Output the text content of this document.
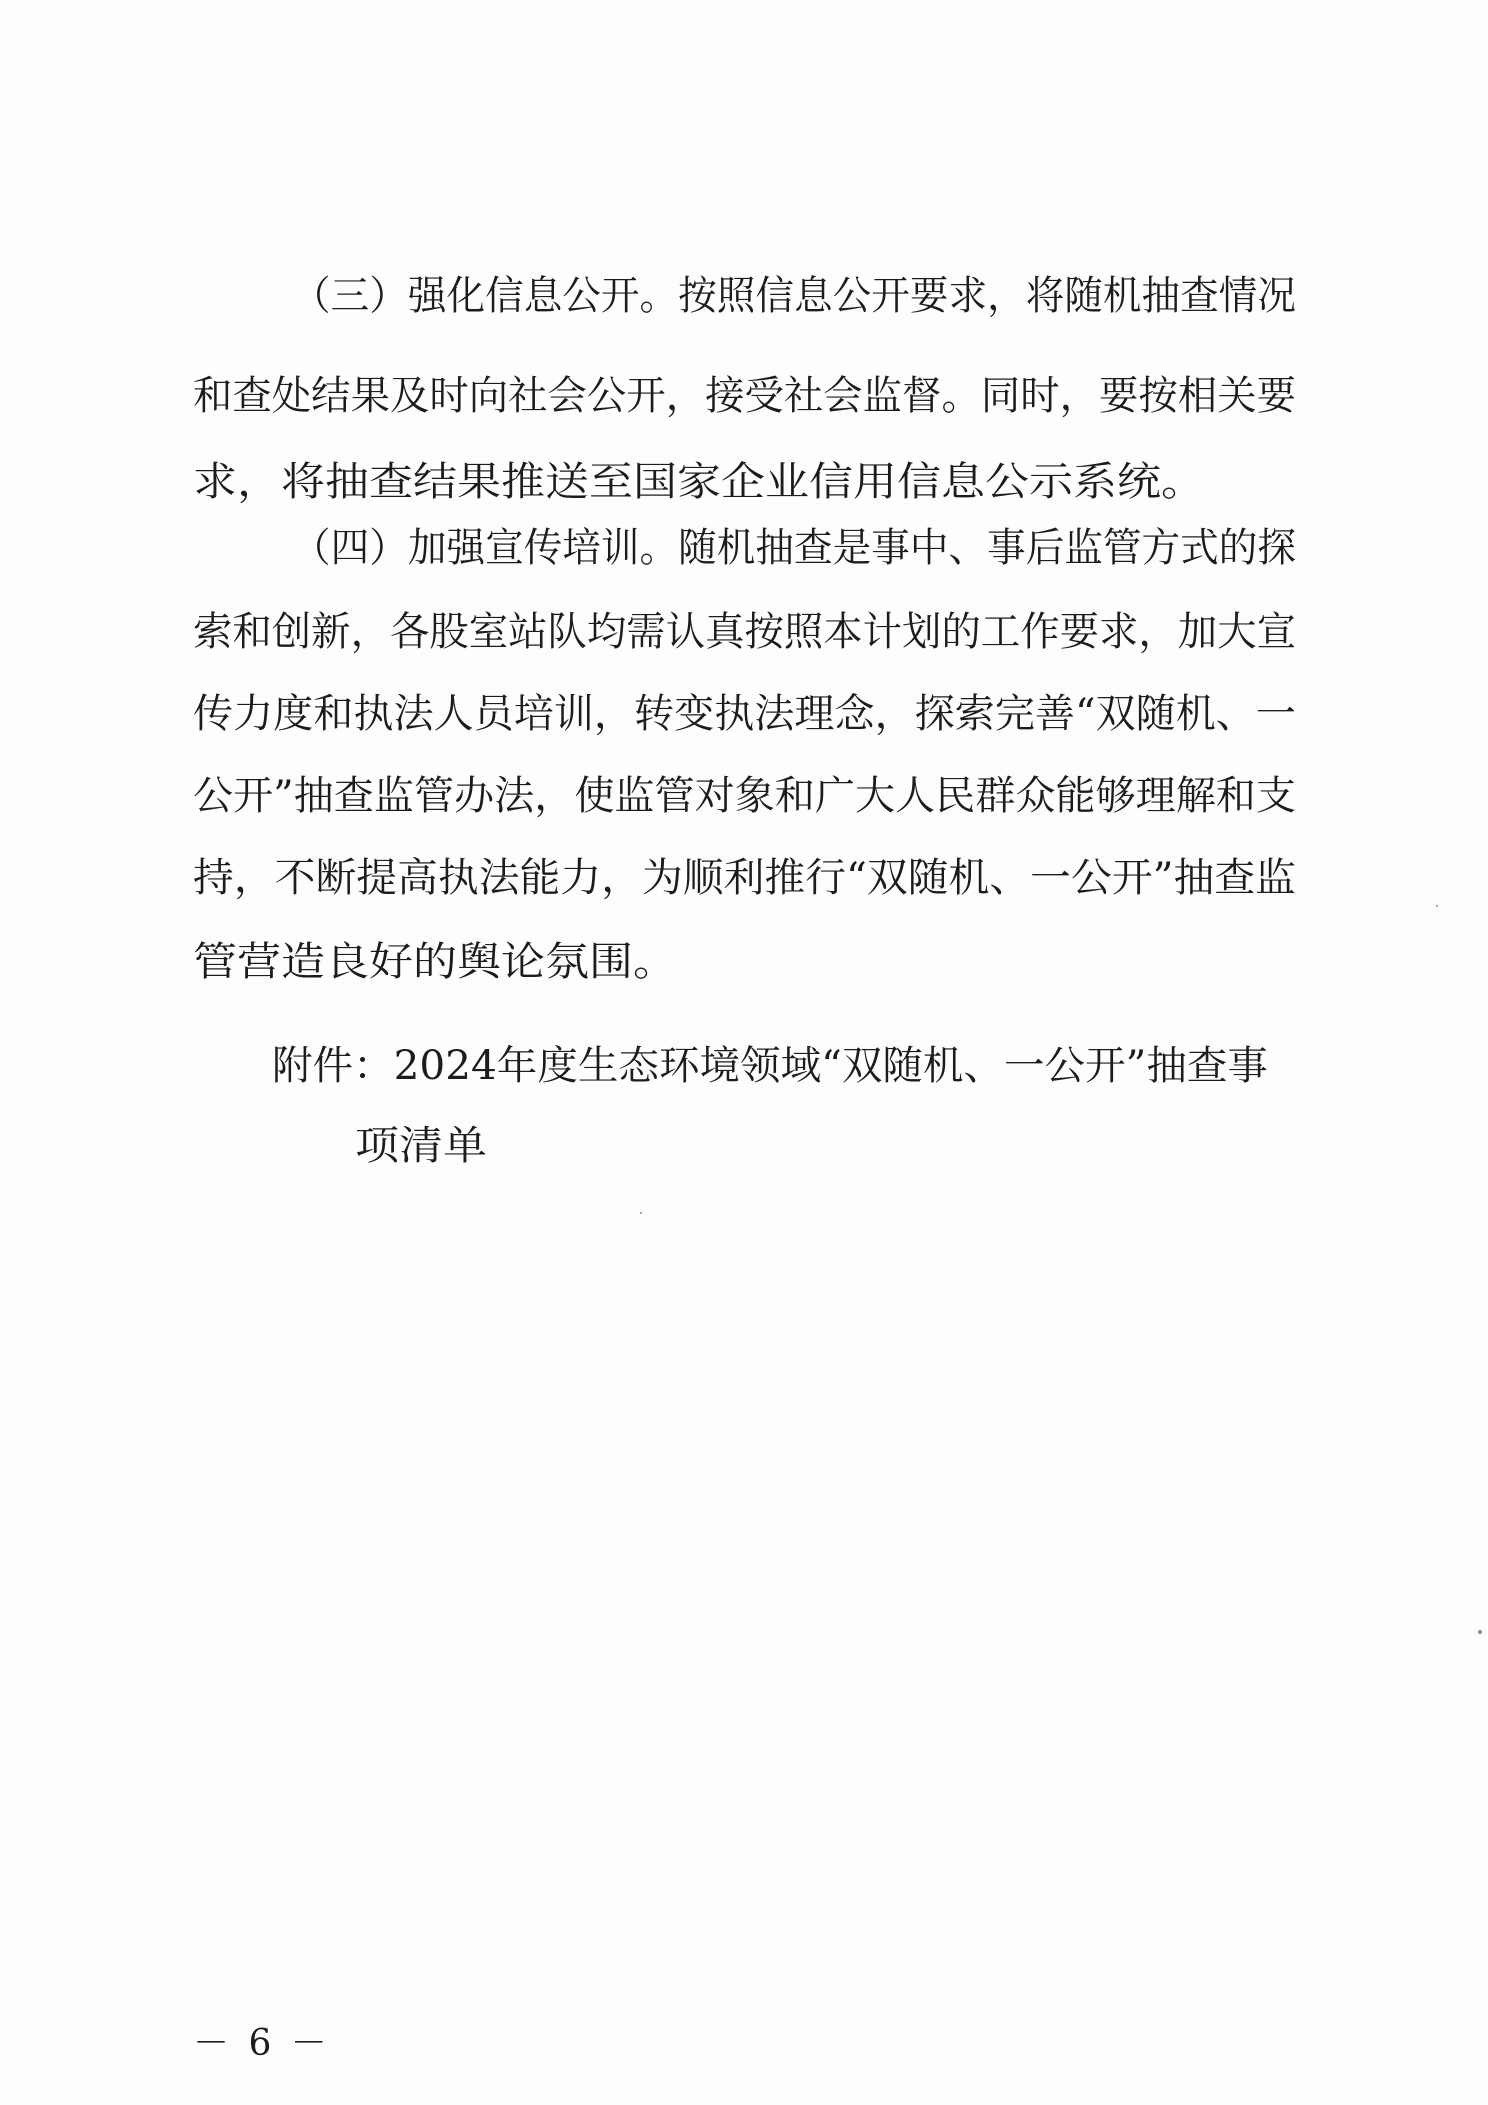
（三）强化信息公开。按照信息公开要求，将随机抽查情况

和查处结果及时向社会公开，接受社会监督。同时，要按相关要

求，将抽查结果推送至国家企业信用信息公示系统。

（四）加强宣传培训。随机抽查是事中、事后监管方式的探

索和创新，各股室站队均需认真按照本计划的工作要求，加大宣

传力度和执法人员培训，转变执法理念，探索完善“双随机、一

公开”抽查监管办法，使监管对象和广大人民群众能够理解和支

持，不断提高执法能力，为顺利推行“双随机、一公开”抽查监

管营造良好的舆论氛围。

附件：2024年度生态环境领域“双随机、一公开”抽查事

项清单

－ 6 －
